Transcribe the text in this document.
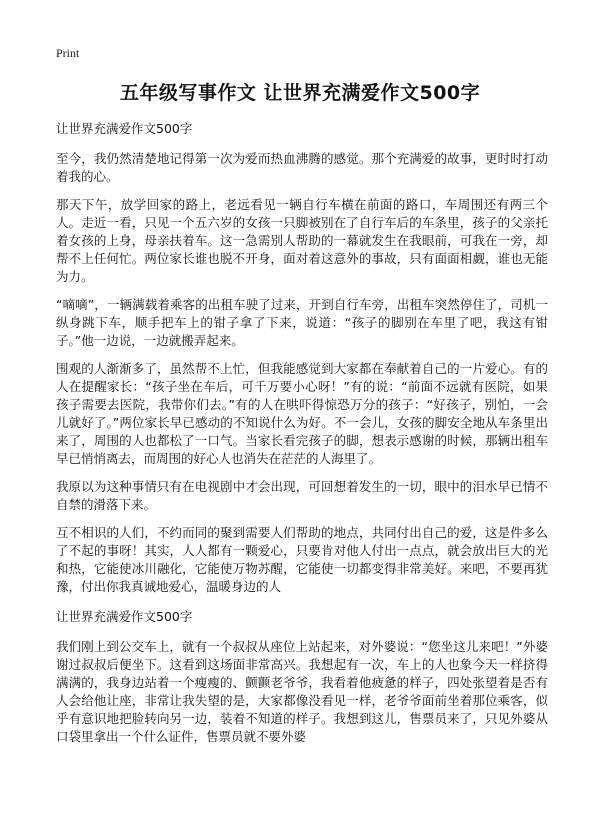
Print
五年级写事作文 让世界充满爱作文500字
让世界充满爱作文500字

至今，我仍然清楚地记得第一次为爱而热血沸腾的感觉。那个充满爱的故事，更时时打动着我的心。

那天下午，放学回家的路上，老远看见一辆自行车横在前面的路口，车周围还有两三个人。走近一看，只见一个五六岁的女孩一只脚被别在了自行车后的车条里，孩子的父亲托着女孩的上身，母亲扶着车。这一急需别人帮助的一幕就发生在我眼前，可我在一旁，却帮不上任何忙。两位家长谁也脱不开身，面对着这意外的事故，只有面面相觑，谁也无能为力。

“嘀嘀”，一辆满载着乘客的出租车驶了过来，开到自行车旁，出租车突然停住了，司机一纵身跳下车，顺手把车上的钳子拿了下来，说道：“孩子的脚别在车里了吧，我这有钳子。”他一边说，一边就搬弄起来。

围观的人渐渐多了，虽然帮不上忙，但我能感觉到大家都在奉献着自己的一片爱心。有的人在提醒家长：“孩子坐在车后，可千万要小心呀！”有的说：“前面不远就有医院，如果孩子需要去医院，我带你们去。”有的人在哄吓得惊恐万分的孩子：“好孩子，别怕，一会儿就好了。”两位家长早已感动的不知说什么为好。不一会儿，女孩的脚安全地从车条里出来了，周围的人也都松了一口气。当家长看完孩子的脚，想表示感谢的时候，那辆出租车早已悄悄离去，而周围的好心人也消失在茫茫的人海里了。

我原以为这种事情只有在电视剧中才会出现，可回想着发生的一切，眼中的泪水早已情不自禁的滑落下来。

互不相识的人们，不约而同的聚到需要人们帮助的地点，共同付出自己的爱，这是件多么了不起的事呀！其实，人人都有一颗爱心，只要肯对他人付出一点点，就会放出巨大的光和热，它能使冰川融化，它能使万物苏醒，它能使一切都变得非常美好。来吧，不要再犹豫，付出你我真诚地爱心，温暖身边的人

让世界充满爱作文500字

我们刚上到公交车上，就有一个叔叔从座位上站起来，对外婆说：“您坐这儿来吧！”外婆谢过叔叔后便坐下。这看到这场面非常高兴。我想起有一次，车上的人也象今天一样挤得满满的，我身边站着一个瘦瘦的、颤颤老爷爷，我看着他疲惫的样子，四处张望着是否有人会给他让座，非常让我失望的是，大家都像没看见一样，老爷爷面前坐着那位乘客，似乎有意识地把脸转向另一边，装着不知道的样子。我想到这儿，售票员来了，只见外婆从口袋里拿出一个什么证件，售票员就不要外婆
